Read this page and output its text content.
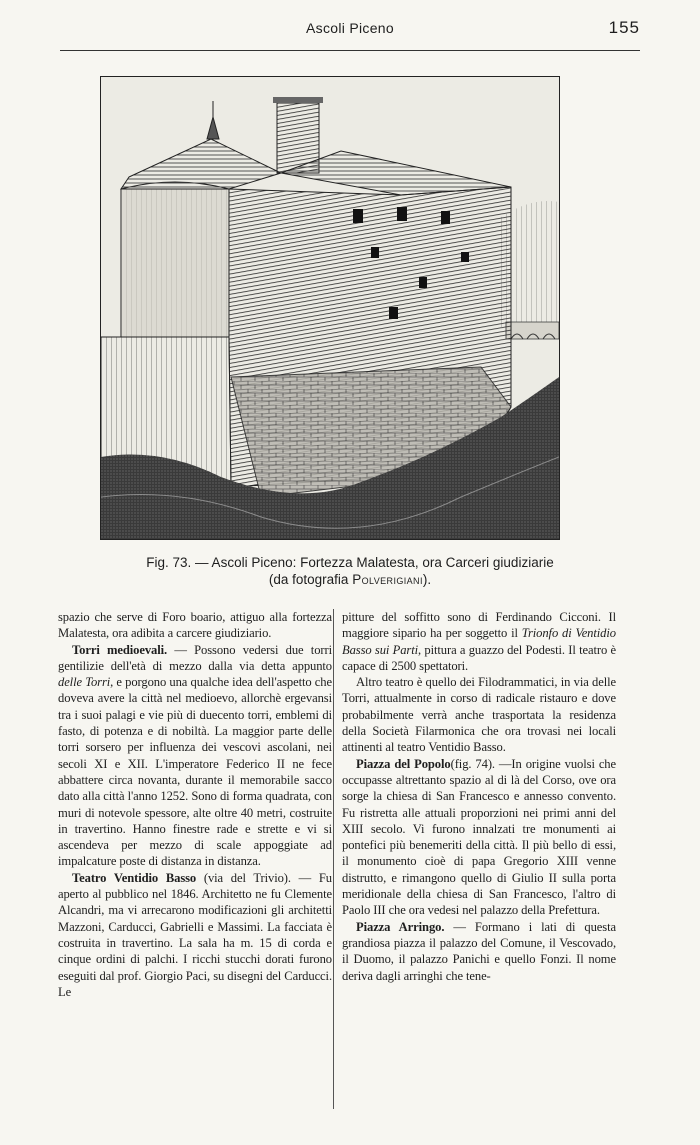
Ascoli Piceno	155
Fig. 73. — Ascoli Piceno: Fortezza Malatesta, ora Carceri giudiziarie
(da fotografia Polverigiani).

spazio che serve di Foro boario, attiguo alla fortezza Malatesta, ora adibita a carcere giudiziario.

Torri medioevali. — Possono vedersi due torri gentilizie dell'età di mezzo dalla via detta appunto delle Torri, e porgono una qualche idea dell'aspetto che doveva avere la città nel medioevo, allorchè ergevansi tra i suoi palagi e vie più di duecento torri, emblemi di fasto, di potenza e di nobiltà. La maggior parte delle torri sorsero per influenza dei vescovi ascolani, nei secoli XI e XII. L'imperatore Federico II ne fece abbattere circa novanta, durante il memorabile sacco dato alla città l'anno 1252. Sono di forma quadrata, con muri di notevole spessore, alte oltre 40 metri, costruite in travertino. Hanno finestre rade e strette e vi si ascendeva per mezzo di scale appoggiate ad impalcature poste di distanza in distanza.

Teatro Ventidio Basso (via del Trivio). — Fu aperto al pubblico nel 1846. Architetto ne fu Clemente Alcandri, ma vi arrecarono modificazioni gli architetti Mazzoni, Carducci, Gabrielli e Massimi. La facciata è costruita in travertino. La sala ha m. 15 di corda e cinque ordini di palchi. I ricchi stucchi dorati furono eseguiti dal prof. Giorgio Paci, su disegni del Carducci. Le

pitture del soffitto sono di Ferdinando Cicconi. Il maggiore sipario ha per soggetto il Trionfo di Ventidio Basso sui Parti, pittura a guazzo del Podesti. Il teatro è capace di 2500 spettatori.

Altro teatro è quello dei Filodrammatici, in via delle Torri, attualmente in corso di radicale ristauro e dove probabilmente verrà anche trasportata la residenza della Società Filarmonica che ora trovasi nei locali attinenti al teatro Ventidio Basso.

Piazza del Popolo(fig. 74). —In origine vuolsi che occupasse altrettanto spazio al di là del Corso, ove ora sorge la chiesa di San Francesco e annesso convento. Fu ristretta alle attuali proporzioni nei primi anni del XIII secolo. Vi furono innalzati tre monumenti ai pontefici più benemeriti della città. Il più bello di essi, il monumento cioè di papa Gregorio XIII venne distrutto, e rimangono quello di Giulio II sulla porta meridionale della chiesa di San Francesco, l'altro di Paolo III che ora vedesi nel palazzo della Prefettura.

Piazza Arringo. — Formano i lati di questa grandiosa piazza il palazzo del Comune, il Vescovado, il Duomo, il palazzo Panichi e quello Fonzi. Il nome deriva dagli arringhi che tene-
